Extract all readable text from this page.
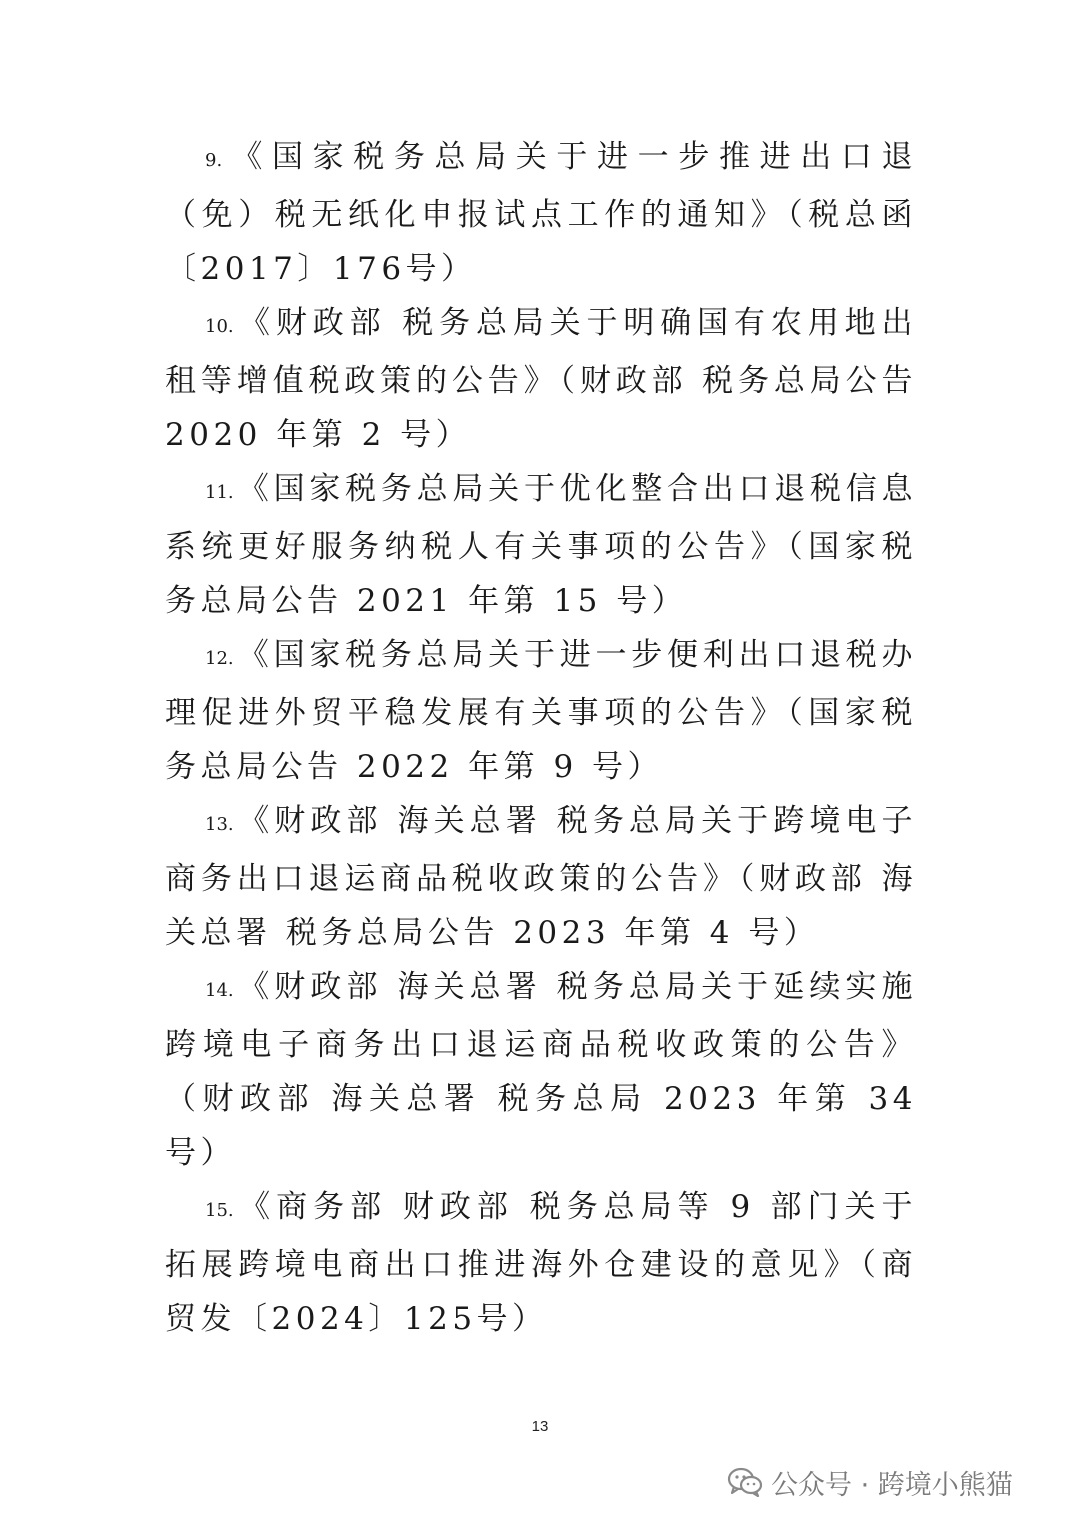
9. 《国家税务总局关于进一步推进出口退（免）税无纸化申报试点工作的通知》（税总函〔2017〕176号）

10. 《财政部 税务总局关于明确国有农用地出租等增值税政策的公告》（财政部 税务总局公告 2020 年第 2 号）

11. 《国家税务总局关于优化整合出口退税信息系统更好服务纳税人有关事项的公告》（国家税务总局公告 2021 年第 15 号）

12. 《国家税务总局关于进一步便利出口退税办理促进外贸平稳发展有关事项的公告》（国家税务总局公告 2022 年第 9 号）

13. 《财政部 海关总署 税务总局关于跨境电子商务出口退运商品税收政策的公告》（财政部 海关总署 税务总局公告 2023 年第 4 号）

14. 《财政部 海关总署 税务总局关于延续实施跨境电子商务出口退运商品税收政策的公告》（财政部 海关总署 税务总局 2023 年第 34 号）

15. 《商务部 财政部 税务总局等 9 部门关于拓展跨境电商出口推进海外仓建设的意见》（商贸发〔2024〕125号）

13
公众号 · 跨境小熊猫
